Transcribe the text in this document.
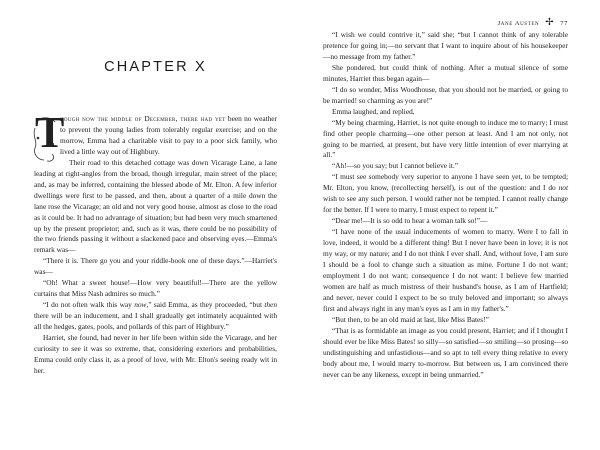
Jane Austen ✢ 77
CHAPTER X

T
hough now the middle of December, there had yet been no weather to prevent the young ladies from tolerably regular exercise; and on the morrow, Emma had a charitable visit to pay to a poor sick family, who lived a little way out of Highbury.

Their road to this detached cottage was down Vicarage Lane, a lane leading at right-angles from the broad, though irregular, main street of the place; and, as may be inferred, containing the blessed abode of Mr. Elton. A few inferior dwellings were first to be passed, and then, about a quarter of a mile down the lane rose the Vicarage; an old and not very good house, almost as close to the road as it could be. It had no advantage of situation; but had been very much smartened up by the present proprietor; and, such as it was, there could be no possibility of the two friends passing it without a slackened pace and observing eyes.—Emma's remark was—

“There it is. There go you and your riddle-book one of these days.”—Harriet's was—

“Oh! What a sweet house!—How very beautiful!—There are the yellow curtains that Miss Nash admires so much.”

“I do not often walk this way now,” said Emma, as they proceeded, “but then there will be an inducement, and I shall gradually get intimately acquainted with all the hedges, gates, pools, and pollards of this part of Highbury.”

Harriet, she found, had never in her life been within side the Vicarage, and her curiosity to see it was so extreme, that, considering exteriors and probabilities, Emma could only class it, as a proof of love, with Mr. Elton's seeing ready wit in her.

“I wish we could contrive it,” said she; “but I cannot think of any tolerable pretence for going in;—no servant that I want to inquire about of his housekeeper—no message from my father.”

She pondered, but could think of nothing. After a mutual silence of some minutes, Harriet thus began again—

“I do so wonder, Miss Woodhouse, that you should not be married, or going to be married! so charming as you are!”

Emma laughed, and replied,

“My being charming, Harriet, is not quite enough to induce me to marry; I must find other people charming—one other person at least. And I am not only, not going to be married, at present, but have very little intention of ever marrying at all.”

“Ah!—so you say; but I cannot believe it.”

“I must see somebody very superior to anyone I have seen yet, to be tempted; Mr. Elton, you know, (recollecting herself), is out of the question: and I do not wish to see any such person. I would rather not be tempted. I cannot really change for the better. If I were to marry, I must expect to repent it.”

“Dear me!—It is so odd to hear a woman talk so!”—

“I have none of the usual inducements of women to marry. Were I to fall in love, indeed, it would be a different thing! But I never have been in love; it is not my way, or my nature; and I do not think I ever shall. And, without love, I am sure I should be a fool to change such a situation as mine. Fortune I do not want; employment I do not want; consequence I do not want: I believe few married women are half as much mistress of their husband's house, as I am of Hartfield; and never, never could I expect to be so truly beloved and important; so always first and always right in any man's eyes as I am in my father's.”

“But then, to be an old maid at last, like Miss Bates!”

“That is as formidable an image as you could present, Harriet; and if I thought I should ever be like Miss Bates! so silly—so satisfied—so smiling—so prosing—so undistinguishing and unfastidious—and so apt to tell every thing relative to every body about me, I would marry to-morrow. But between us, I am convinced there never can be any likeness, except in being unmarried.”
